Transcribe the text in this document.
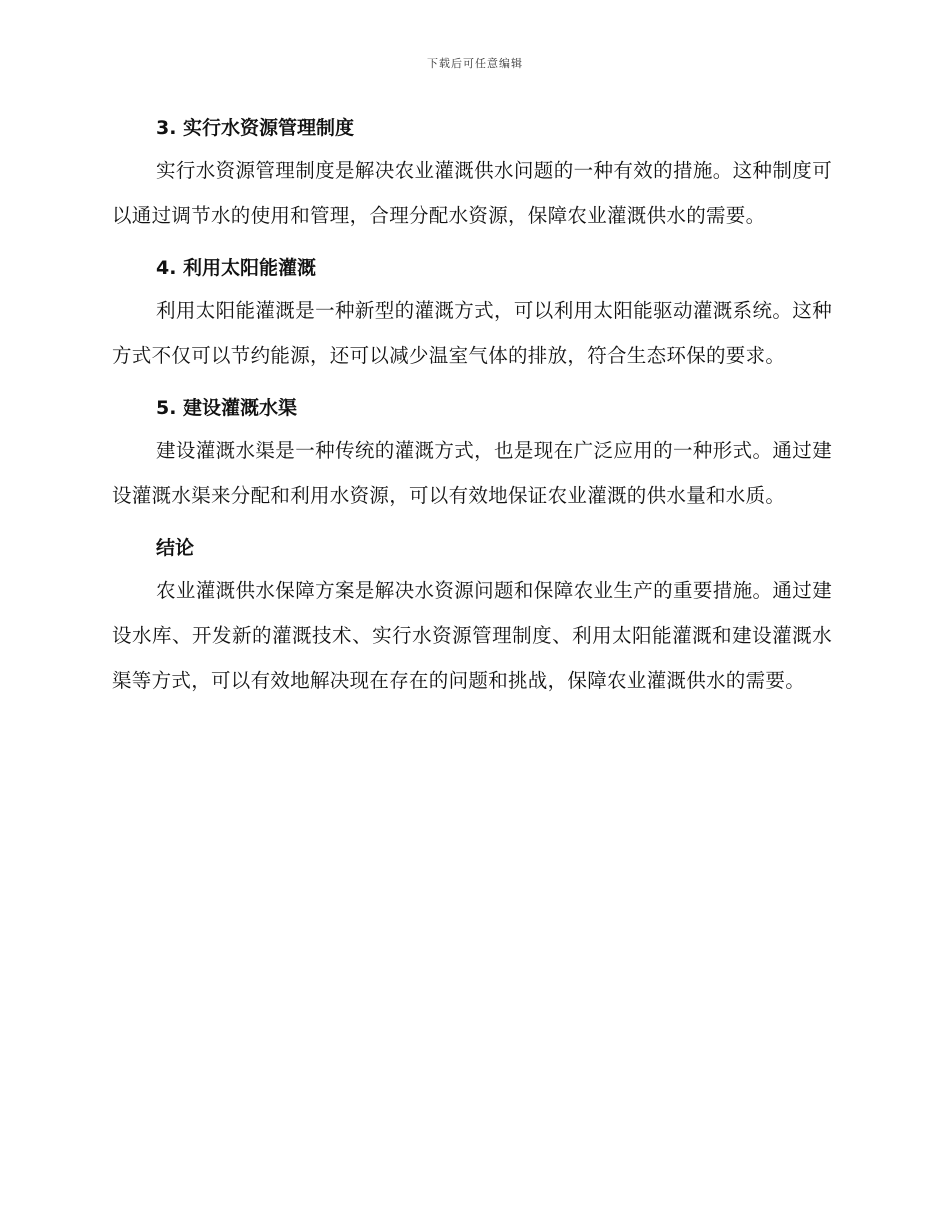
下载后可任意编辑

3. 实行水资源管理制度

实行水资源管理制度是解决农业灌溉供水问题的一种有效的措施。这种制度可以通过调节水的使用和管理，合理分配水资源，保障农业灌溉供水的需要。

4. 利用太阳能灌溉

利用太阳能灌溉是一种新型的灌溉方式，可以利用太阳能驱动灌溉系统。这种方式不仅可以节约能源，还可以减少温室气体的排放，符合生态环保的要求。

5. 建设灌溉水渠

建设灌溉水渠是一种传统的灌溉方式，也是现在广泛应用的一种形式。通过建设灌溉水渠来分配和利用水资源，可以有效地保证农业灌溉的供水量和水质。

结论

农业灌溉供水保障方案是解决水资源问题和保障农业生产的重要措施。通过建设水库、开发新的灌溉技术、实行水资源管理制度、利用太阳能灌溉和建设灌溉水渠等方式，可以有效地解决现在存在的问题和挑战，保障农业灌溉供水的需要。
